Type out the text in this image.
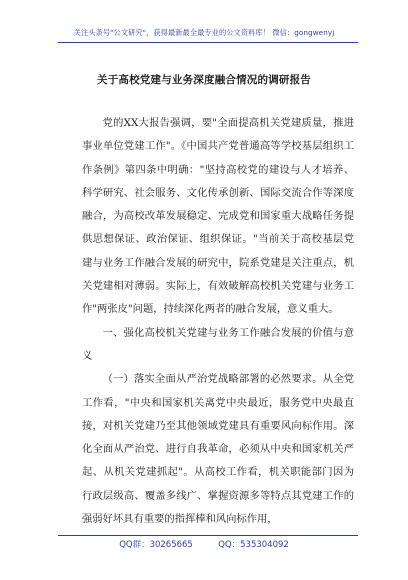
关注头条号"公文研究"，获得最新最全最专业的公文资料库！ 微信：gongwenyj
关于高校党建与业务深度融合情况的调研报告

党的XX大报告强调，要"全面提高机关党建质量，推进事业单位党建工作"。《中国共产党普通高等学校基层组织工作条例》第四条中明确："坚持高校党的建设与人才培养、科学研究、社会服务、文化传承创新、国际交流合作等深度融合，为高校改革发展稳定、完成党和国家重大战略任务提供思想保证、政治保证、组织保证。"当前关于高校基层党建与业务工作融合发展的研究中，院系党建是关注重点，机关党建相对薄弱。实际上，有效破解高校机关党建与业务工作"两张皮"问题，持续深化两者的融合发展，意义重大。

一、强化高校机关党建与业务工作融合发展的价值与意义

（一）落实全面从严治党战略部署的必然要求。从全党工作看，"中央和国家机关离党中央最近，服务党中央最直接，对机关党建乃至其他领域党建具有重要风向标作用。深化全面从严治党、进行自我革命，必须从中央和国家机关严起、从机关党建抓起"。从高校工作看，机关职能部门因为行政层级高、覆盖多线广、掌握资源多等特点其党建工作的强弱好坏具有重要的指挥棒和风向标作用，

QQ群：30265665	QQ：535304092
